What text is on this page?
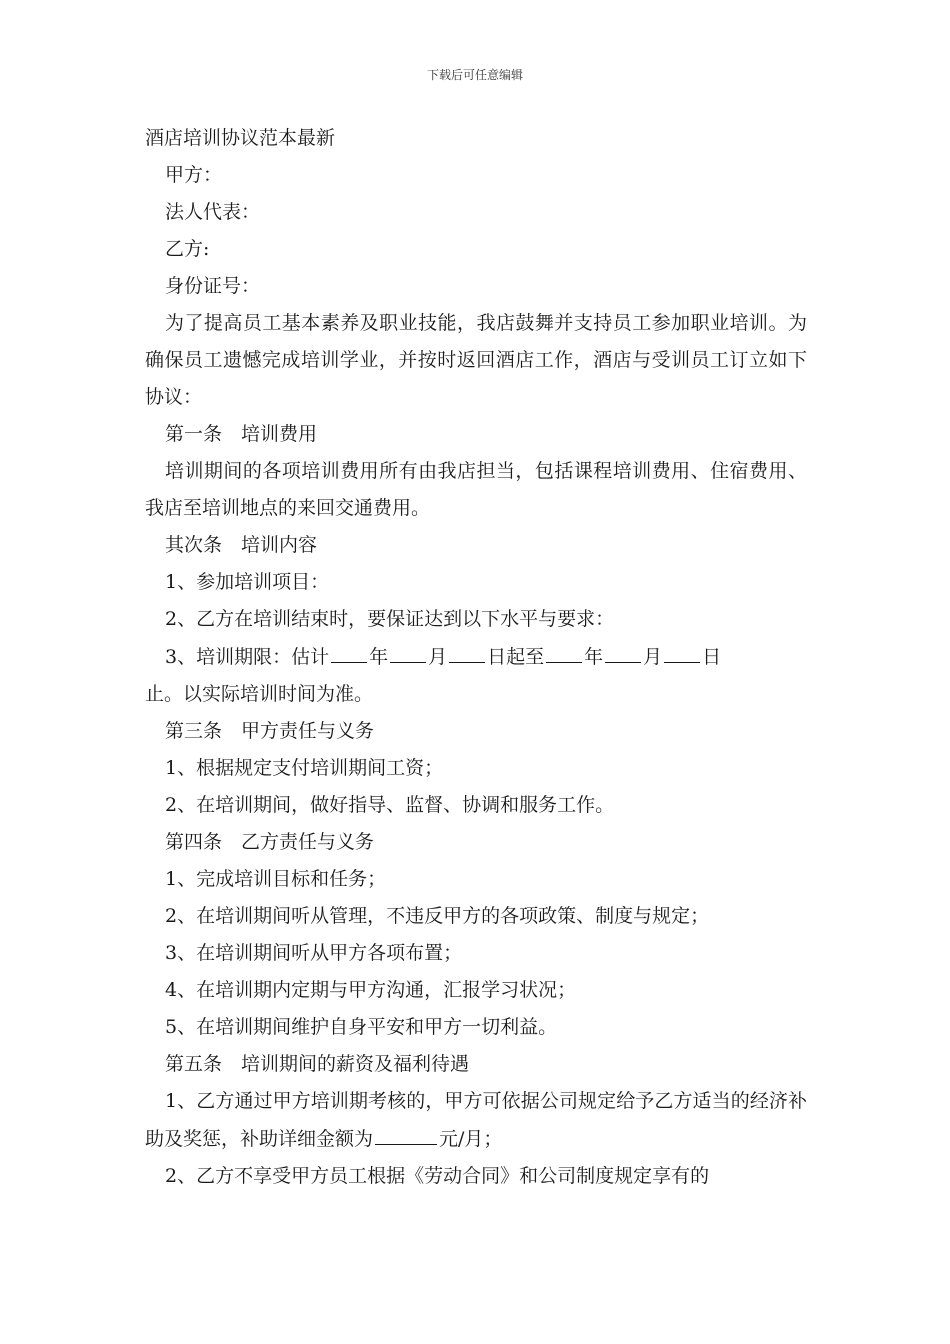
下载后可任意编辑
酒店培训协议范本最新
甲方：
法人代表：
乙方:
身份证号：
为了提高员工基本素养及职业技能，我店鼓舞并支持员工参加职业培训。为确保员工遗憾完成培训学业，并按时返回酒店工作，酒店与受训员工订立如下协议：
第一条　培训费用
培训期间的各项培训费用所有由我店担当，包括课程培训费用、住宿费用、我店至培训地点的来回交通费用。
其次条　培训内容
1、参加培训项目：
2、乙方在培训结束时，要保证达到以下水平与要求：
3、培训期限：估计 年 月 日起至 年 月 日
止。以实际培训时间为准。
第三条　甲方责任与义务
1、根据规定支付培训期间工资；
2、在培训期间，做好指导、监督、协调和服务工作。
第四条　乙方责任与义务
1、完成培训目标和任务；
2、在培训期间听从管理，不违反甲方的各项政策、制度与规定；
3、在培训期间听从甲方各项布置；
4、在培训期内定期与甲方沟通，汇报学习状况；
5、在培训期间维护自身平安和甲方一切利益。
第五条　培训期间的薪资及福利待遇
1、乙方通过甲方培训期考核的，甲方可依据公司规定给予乙方适当的经济补助及奖惩，补助详细金额为	元/月；
2、乙方不享受甲方员工根据《劳动合同》和公司制度规定享有的
